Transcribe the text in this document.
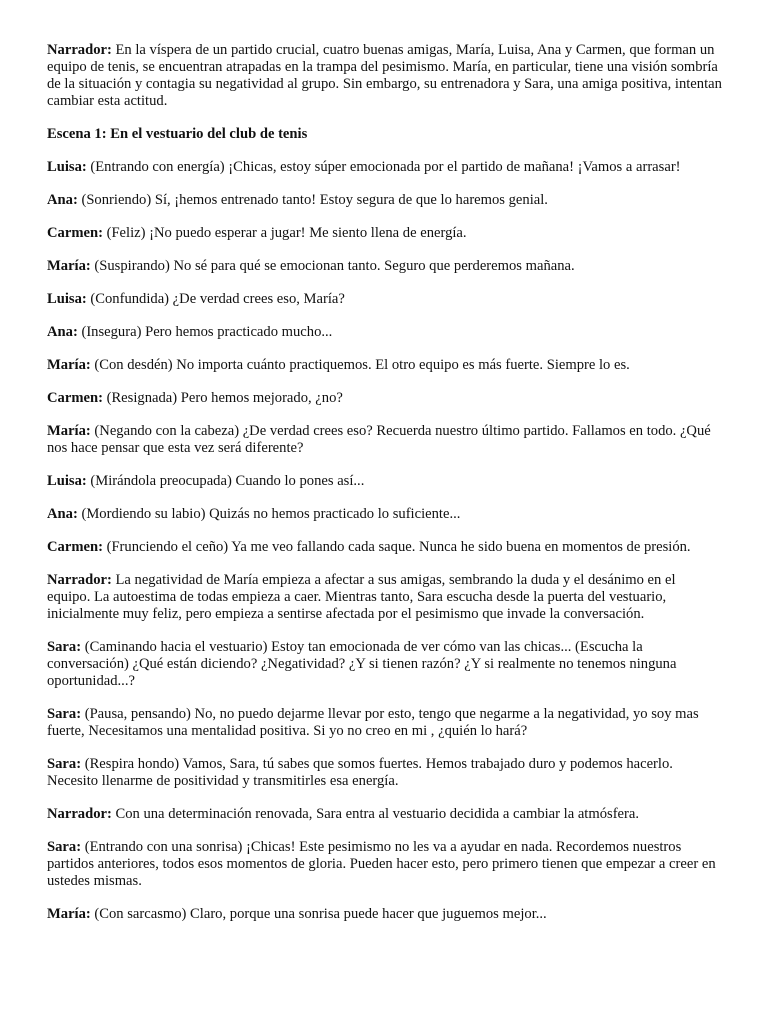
Narrador: En la víspera de un partido crucial, cuatro buenas amigas, María, Luisa, Ana y Carmen, que forman un equipo de tenis, se encuentran atrapadas en la trampa del pesimismo. María, en particular, tiene una visión sombría de la situación y contagia su negatividad al grupo. Sin embargo, su entrenadora y Sara, una amiga positiva, intentan cambiar esta actitud.

Escena 1: En el vestuario del club de tenis

Luisa: (Entrando con energía) ¡Chicas, estoy súper emocionada por el partido de mañana! ¡Vamos a arrasar!

Ana: (Sonriendo) Sí, ¡hemos entrenado tanto! Estoy segura de que lo haremos genial.

Carmen: (Feliz) ¡No puedo esperar a jugar! Me siento llena de energía.

María: (Suspirando) No sé para qué se emocionan tanto. Seguro que perderemos mañana.

Luisa: (Confundida) ¿De verdad crees eso, María?

Ana: (Insegura) Pero hemos practicado mucho...

María: (Con desdén) No importa cuánto practiquemos. El otro equipo es más fuerte. Siempre lo es.

Carmen: (Resignada) Pero hemos mejorado, ¿no?

María: (Negando con la cabeza) ¿De verdad crees eso? Recuerda nuestro último partido. Fallamos en todo. ¿Qué nos hace pensar que esta vez será diferente?

Luisa: (Mirándola preocupada) Cuando lo pones así...

Ana: (Mordiendo su labio) Quizás no hemos practicado lo suficiente...

Carmen: (Frunciendo el ceño) Ya me veo fallando cada saque. Nunca he sido buena en momentos de presión.

Narrador: La negatividad de María empieza a afectar a sus amigas, sembrando la duda y el desánimo en el equipo. La autoestima de todas empieza a caer. Mientras tanto, Sara escucha desde la puerta del vestuario, inicialmente muy feliz, pero empieza a sentirse afectada por el pesimismo que invade la conversación.

Sara: (Caminando hacia el vestuario) Estoy tan emocionada de ver cómo van las chicas... (Escucha la conversación) ¿Qué están diciendo? ¿Negatividad? ¿Y si tienen razón? ¿Y si realmente no tenemos ninguna oportunidad...?

Sara: (Pausa, pensando) No, no puedo dejarme llevar por esto, tengo que negarme a la negatividad, yo soy mas fuerte, Necesitamos una mentalidad positiva. Si yo no creo en mi , ¿quién lo hará?

Sara: (Respira hondo) Vamos, Sara, tú sabes que somos fuertes. Hemos trabajado duro y podemos hacerlo. Necesito llenarme de positividad y transmitirles esa energía.

Narrador: Con una determinación renovada, Sara entra al vestuario decidida a cambiar la atmósfera.

Sara: (Entrando con una sonrisa) ¡Chicas! Este pesimismo no les va a ayudar en nada. Recordemos nuestros partidos anteriores, todos esos momentos de gloria. Pueden hacer esto, pero primero tienen que empezar a creer en ustedes mismas.

María: (Con sarcasmo) Claro, porque una sonrisa puede hacer que juguemos mejor...
